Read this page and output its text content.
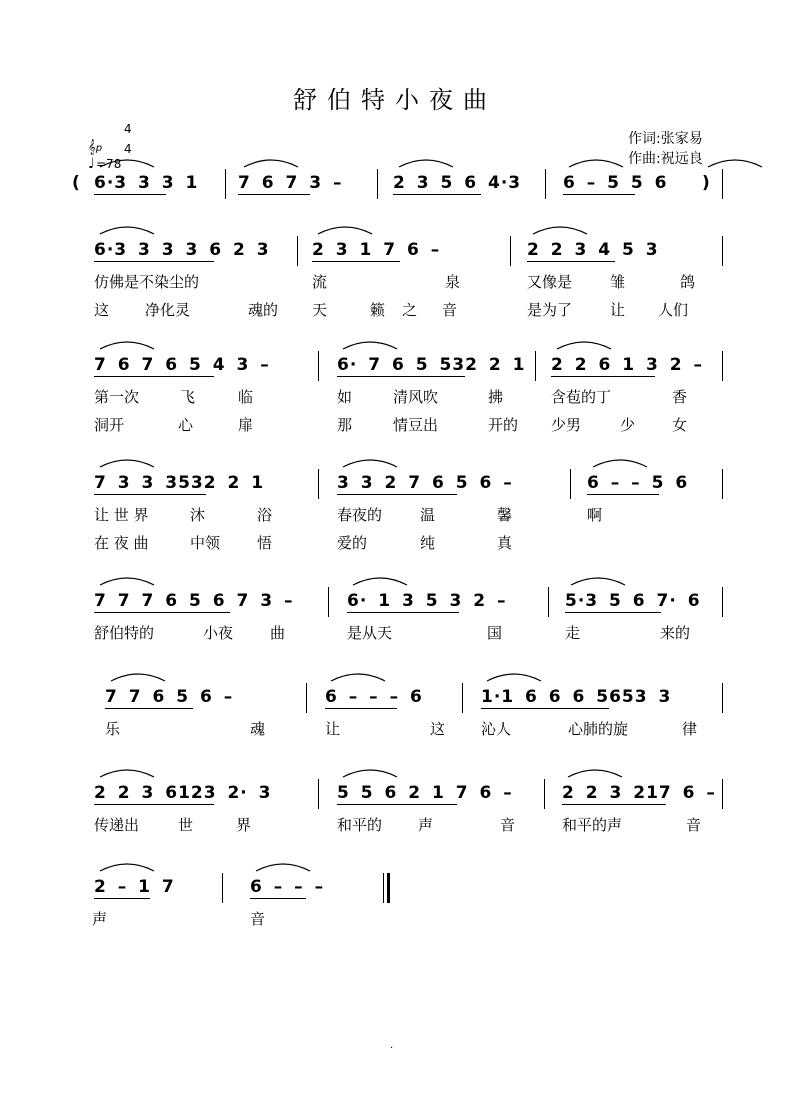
舒伯特小夜曲
作词:张家易
作曲:祝远良
𝄞p
4
4
♩ =78
( 6·3 3 3 1 7 6 7 3 –	2 3 5 6 4·3 6 – 5 5 6 )
6·3 3 3 3 6 2 3 2 3 1 7 6 –	2 2 3 4 5 3
仿佛是不染尘的	流	泉	又像是	雏	鸽
这 净化灵	魂的 天	籁 之 音	是为了	让 人们
7 6 7 6 5 4 3 –	6· 7 6 5 532 2 1 2 2 6 1 3 2 –
第一次	飞	临	如	清风吹	拂	含苞的丁	香
洞开	心	扉	那	情豆出	开的 少男	少 女
7 3 3 3532 2 1	3 3 2 7 6 5 6 –	6 – – 5 6
让 世 界	沐	浴	春夜的	温	馨	啊
在 夜 曲	中领 悟	爱的	纯	真
7 7 7 6 5 6 7 3 –	6· 1 3 5 3 2 –	5·3 5 6 7· 6
舒伯特的	小夜 曲	是从天	国	走	来的
7 7 6 5 6 –	6 – – – 6	1·1 6 6 6 5653 3
乐	魂	让	这 沁人	心肺的旋	律
2 2 3 6123 2· 3	5 5 6 2 1 7 6 –	2 2 3 217 6 –
传递出	世	界	和平的 声	音	和平的声	音
2 – 1 7	6 – – –
声	音
.
